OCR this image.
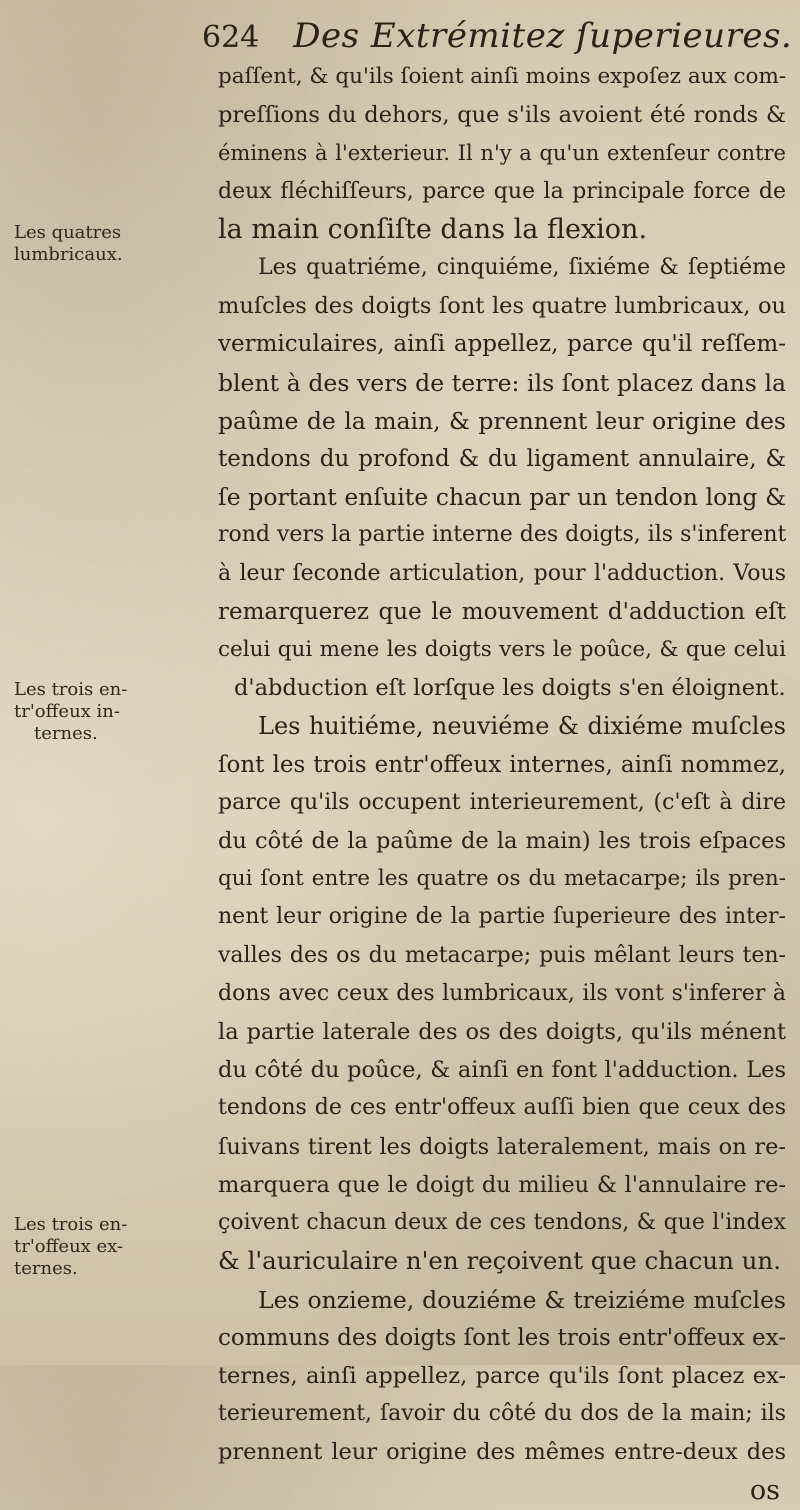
624 Des Extrémitez ſuperieures.
Les quatres
lumbricaux.
Les trois en-
tr'offeux in-
ternes.
Les trois en-
tr'offeux ex-
ternes.
paſſent, & qu'ils ſoient ainſi moins expoſez aux com-
preſſions du dehors, que s'ils avoient été ronds &
éminens à l'exterieur. Il n'y a qu'un extenſeur contre
deux fléchiſſeurs, parce que la principale force de
la main conſiſte dans la flexion.
Les quatriéme, cinquiéme, ſixiéme & ſeptiéme
muſcles des doigts ſont les quatre lumbricaux, ou
vermiculaires, ainſi appellez, parce qu'il reſſem-
blent à des vers de terre: ils ſont placez dans la
paûme de la main, & prennent leur origine des
tendons du profond & du ligament annulaire, &
ſe portant enſuite chacun par un tendon long &
rond vers la partie interne des doigts, ils s'inferent
à leur ſeconde articulation, pour l'adduction. Vous
remarquerez que le mouvement d'adduction eſt
celui qui mene les doigts vers le poûce, & que celui
d'abduction eſt lorſque les doigts s'en éloignent.
Les huitiéme, neuviéme & dixiéme muſcles
ſont les trois entr'offeux internes, ainſi nommez,
parce qu'ils occupent interieurement, (c'eſt à dire
du côté de la paûme de la main) les trois eſpaces
qui ſont entre les quatre os du metacarpe; ils pren-
nent leur origine de la partie ſuperieure des inter-
valles des os du metacarpe; puis mêlant leurs ten-
dons avec ceux des lumbricaux, ils vont s'inferer à
la partie laterale des os des doigts, qu'ils ménent
du côté du poûce, & ainſi en font l'adduction. Les
tendons de ces entr'offeux auſſi bien que ceux des
ſuivans tirent les doigts lateralement, mais on re-
marquera que le doigt du milieu & l'annulaire re-
çoivent chacun deux de ces tendons, & que l'index
& l'auriculaire n'en reçoivent que chacun un.
Les onzieme, douziéme & treiziéme muſcles
communs des doigts ſont les trois entr'offeux ex-
ternes, ainſi appellez, parce qu'ils ſont placez ex-
terieurement, ſavoir du côté du dos de la main; ils
prennent leur origine des mêmes entre-deux des
os
